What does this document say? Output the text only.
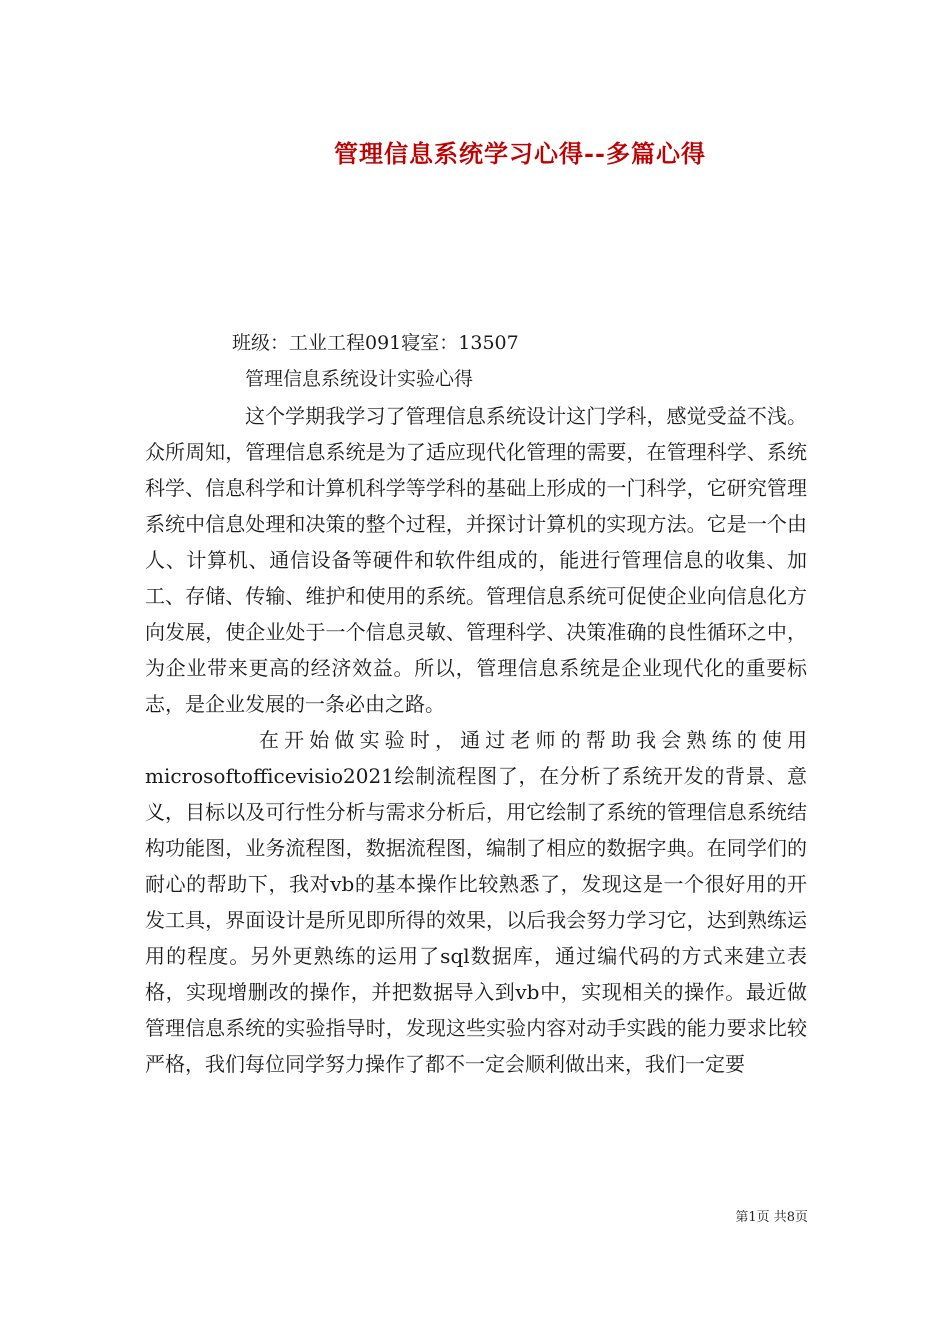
管理信息系统学习心得--多篇心得
班级：工业工程091寝室：13507
管理信息系统设计实验心得

这个学期我学习了管理信息系统设计这门学科，感觉受益不浅。众所周知，管理信息系统是为了适应现代化管理的需要，在管理科学、系统科学、信息科学和计算机科学等学科的基础上形成的一门科学，它研究管理系统中信息处理和决策的整个过程，并探讨计算机的实现方法。它是一个由人、计算机、通信设备等硬件和软件组成的，能进行管理信息的收集、加工、存储、传输、维护和使用的系统。管理信息系统可促使企业向信息化方向发展，使企业处于一个信息灵敏、管理科学、决策准确的良性循环之中，为企业带来更高的经济效益。所以，管理信息系统是企业现代化的重要标志，是企业发展的一条必由之路。

在开始做实验时，通过老师的帮助我会熟练的使用microsoftofficevisio2021绘制流程图了，在分析了系统开发的背景、意义，目标以及可行性分析与需求分析后，用它绘制了系统的管理信息系统结构功能图，业务流程图，数据流程图，编制了相应的数据字典。在同学们的耐心的帮助下，我对vb的基本操作比较熟悉了，发现这是一个很好用的开发工具，界面设计是所见即所得的效果，以后我会努力学习它，达到熟练运用的程度。另外更熟练的运用了sql数据库，通过编代码的方式来建立表格，实现增删改的操作，并把数据导入到vb中，实现相关的操作。最近做管理信息系统的实验指导时，发现这些实验内容对动手实践的能力要求比较严格，我们每位同学努力操作了都不一定会顺利做出来，我们一定要

第1页 共8页
